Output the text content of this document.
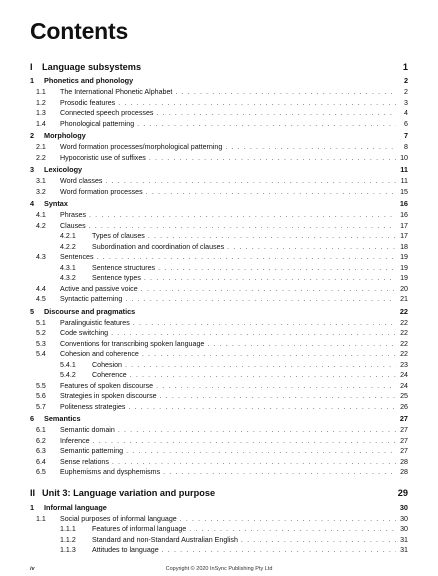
Contents
I	Language subsystems	1
1	Phonetics and phonology	2
1.1	The International Phonetic Alphabet . . .	2
1.2	Prosodic features . . .	3
1.3	Connected speech processes . . .	4
1.4	Phonological patterning . . .	6
2	Morphology	7
2.1	Word formation processes/morphological patterning . . .	8
2.2	Hypocoristic use of suffixes . . .	10
3	Lexicology	11
3.1	Word classes . . .	11
3.2	Word formation processes . . .	15
4	Syntax	16
4.1	Phrases . . .	16
4.2	Clauses . . .	17
4.2.1	Types of clauses . . .	17
4.2.2	Subordination and coordination of clauses . . .	18
4.3	Sentences . . .	19
4.3.1	Sentence structures . . .	19
4.3.2	Sentence types . . .	19
4.4	Active and passive voice . . .	20
4.5	Syntactic patterning . . .	21
5	Discourse and pragmatics	22
5.1	Paralinguistic features . . .	22
5.2	Code switching . . .	22
5.3	Conventions for transcribing spoken language . . .	22
5.4	Cohesion and coherence . . .	22
5.4.1	Cohesion . . .	23
5.4.2	Coherence . . .	24
5.5	Features of spoken discourse . . .	24
5.6	Strategies in spoken discourse . . .	25
5.7	Politeness strategies . . .	26
6	Semantics	27
6.1	Semantic domain . . .	27
6.2	Inference . . .	27
6.3	Semantic patterning . . .	27
6.4	Sense relations . . .	28
6.5	Euphemisms and dysphemisms . . .	28
II Unit 3: Language variation and purpose	29
1	Informal language	30
1.1	Social purposes of informal language . . .	30
1.1.1	Features of informal language . . .	30
1.1.2	Standard and non-Standard Australian English . . .	31
1.1.3	Attitudes to language . . .	31
iv	Copyright © 2020 InSync Publishing Pty Ltd
